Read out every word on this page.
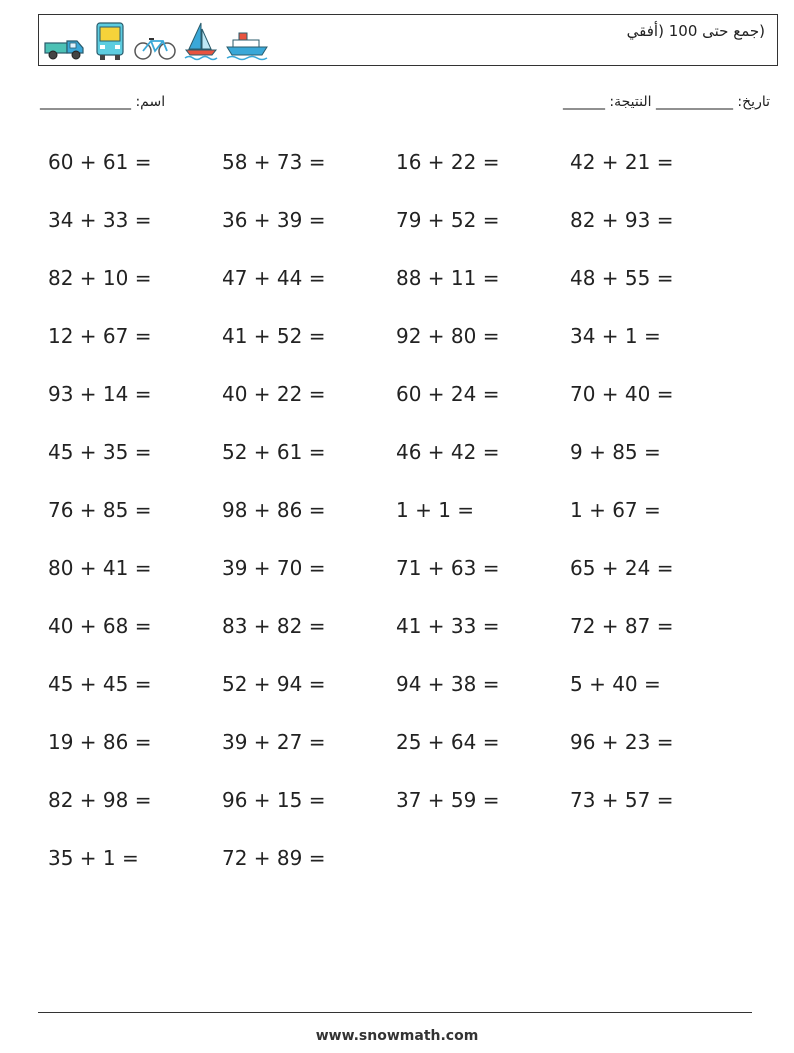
(جمع حتى 100 (أفقي
_____________ :اسم	______ :تاريخ: ___________ النتيجة
60 + 61 =	58 + 73 =	16 + 22 =	42 + 21 =
34 + 33 =	36 + 39 =	79 + 52 =	82 + 93 =
82 + 10 =	47 + 44 =	88 + 11 =	48 + 55 =
12 + 67 =	41 + 52 =	92 + 80 =	34 + 1 =
93 + 14 =	40 + 22 =	60 + 24 =	70 + 40 =
45 + 35 =	52 + 61 =	46 + 42 =	9 + 85 =
76 + 85 =	98 + 86 =	1 + 1 =	1 + 67 =
80 + 41 =	39 + 70 =	71 + 63 =	65 + 24 =
40 + 68 =	83 + 82 =	41 + 33 =	72 + 87 =
45 + 45 =	52 + 94 =	94 + 38 =	5 + 40 =
19 + 86 =	39 + 27 =	25 + 64 =	96 + 23 =
82 + 98 =	96 + 15 =	37 + 59 =	73 + 57 =
35 + 1 =	72 + 89 =
www.snowmath.com
